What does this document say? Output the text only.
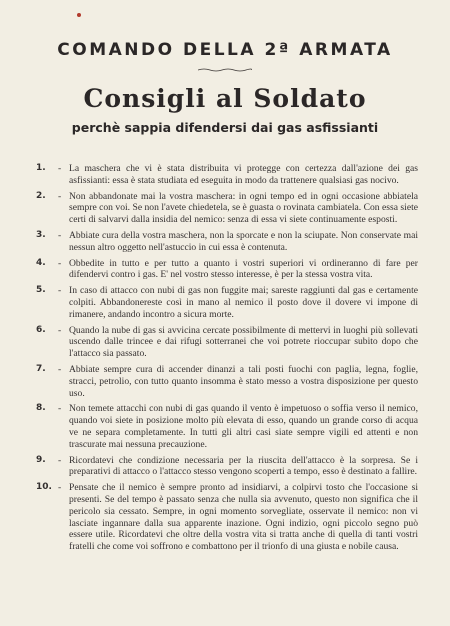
COMANDO DELLA 2ª ARMATA
Consigli al Soldato
perchè sappia difendersi dai gas asfissianti
1.	- La maschera che vi è stata distribuita vi protegge con certezza dall'azione dei gas asfissianti: essa è stata studiata ed eseguita in modo da trattenere qualsiasi gas nocivo.
2.	- Non abbandonate mai la vostra maschera: in ogni tempo ed in ogni occasione abbiatela sempre con voi. Se non l'avete chiedetela, se è guasta o rovinata cambiatela. Con essa siete certi di salvarvi dalla insidia del nemico: senza di essa vi siete continuamente esposti.
3.	- Abbiate cura della vostra maschera, non la sporcate e non la sciupate. Non conservate mai nessun altro oggetto nell'astuccio in cui essa è contenuta.
4.	- Obbedite in tutto e per tutto a quanto i vostri superiori vi ordineranno di fare per difendervi contro i gas. E' nel vostro stesso interesse, è per la stessa vostra vita.
5.	- In caso di attacco con nubi di gas non fuggite mai; sareste raggiunti dal gas e certamente colpiti. Abbandonereste così in mano al nemico il posto dove il dovere vi impone di rimanere, andando incontro a sicura morte.
6.	- Quando la nube di gas si avvicina cercate possibilmente di mettervi in luoghi più sollevati uscendo dalle trincee e dai rifugi sotterranei che voi potrete rioccupar subito dopo che l'attacco sia passato.
7.	- Abbiate sempre cura di accender dinanzi a tali posti fuochi con paglia, legna, foglie, stracci, petrolio, con tutto quanto insomma è stato messo a vostra disposizione per questo uso.
8.	- Non temete attacchi con nubi di gas quando il vento è impetuoso o soffia verso il nemico, quando voi siete in posizione molto più elevata di esso, quando un grande corso di acqua ve ne separa completamente. In tutti gli altri casi siate sempre vigili ed attenti e non trascurate mai nessuna precauzione.
9.	- Ricordatevi che condizione necessaria per la riuscita dell'attacco è la sorpresa. Se i preparativi di attacco o l'attacco stesso vengono scoperti a tempo, esso è destinato a fallire.
10. - Pensate che il nemico è sempre pronto ad insidiarvi, a colpirvi tosto che l'occasione si presenti. Se del tempo è passato senza che nulla sia avvenuto, questo non significa che il pericolo sia cessato. Sempre, in ogni momento sorvegliate, osservate il nemico: non vi lasciate ingannare dalla sua apparente inazione. Ogni indizio, ogni piccolo segno può essere utile. Ricordatevi che oltre della vostra vita si tratta anche di quella di tanti vostri fratelli che come voi soffrono e combattono per il trionfo di una giusta e nobile causa.
